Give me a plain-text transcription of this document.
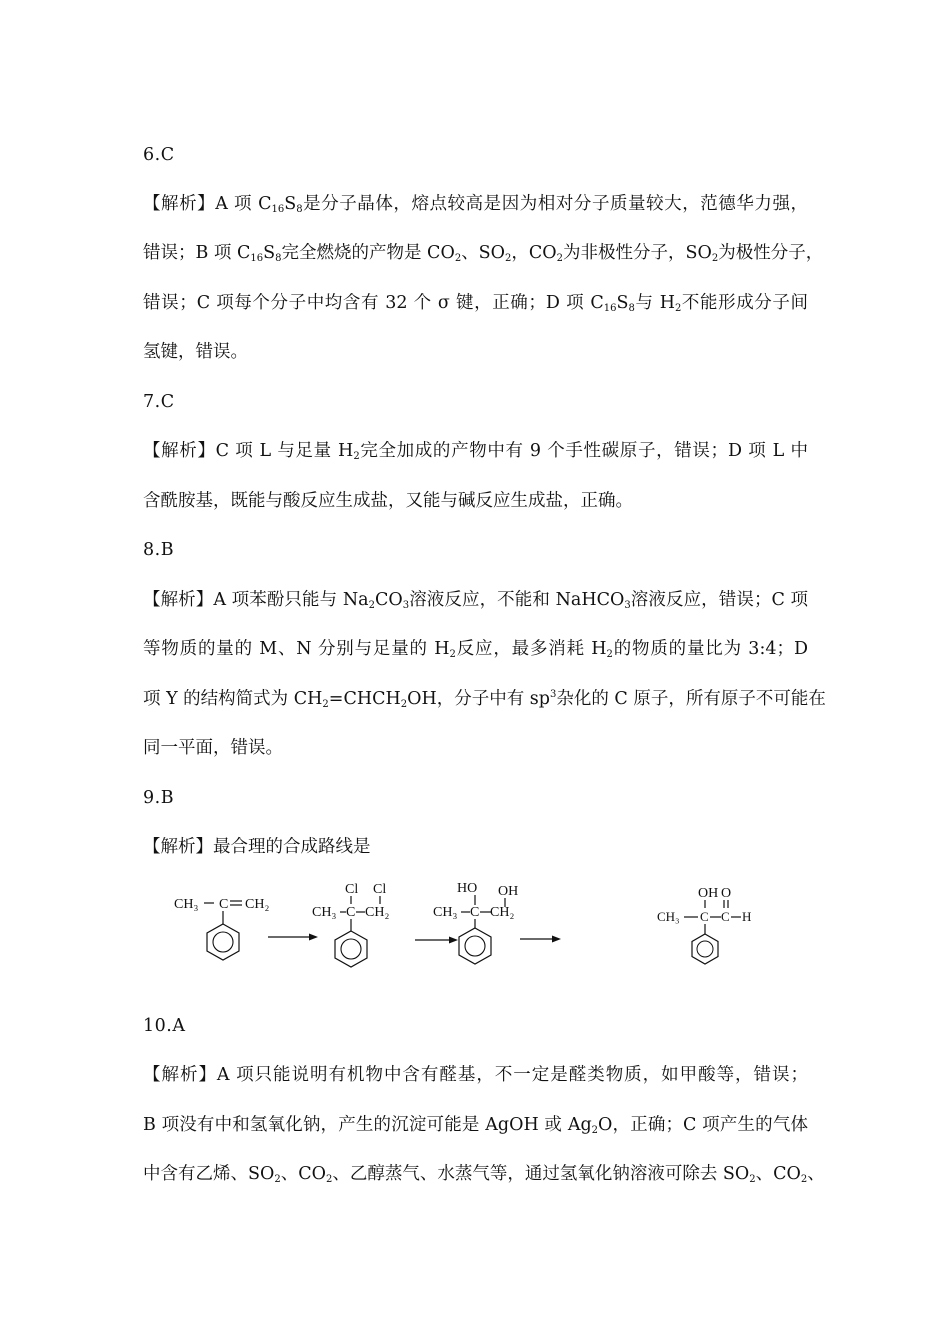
6.C
【解析】A 项 $C_{16}S_8$是分子晶体，熔点较高是因为相对分子质量较大，范德华力强，
错误；B 项 $C_{16}S_8$完全燃烧的产物是 $CO_2$、$SO_2$，$CO_2$为非极性分子，$SO_2$为极性分子，
错误；C 项每个分子中均含有 32 个 σ 键，正确；D 项 $C_{16}S_8$与 $H_2$不能形成分子间
氢键，错误。
7.C
【解析】C 项 L 与足量 $H_2$完全加成的产物中有 9 个手性碳原子，错误；D 项 L 中
含酰胺基，既能与酸反应生成盐，又能与碱反应生成盐，正确。
8.B
【解析】A 项苯酚只能与 $Na_2CO_3$溶液反应，不能和 NaHCO$_3$溶液反应，错误；C 项
等物质的量的 M、N 分别与足量的 $H_2$反应，最多消耗 $H_2$的物质的量比为 3:4；D
项 Y 的结构简式为 $CH_2=CHCH_2OH$，分子中有 $sp^3$杂化的 C 原子，所有原子不可能在
同一平面，错误。
9.B
【解析】最合理的合成路线是
CH₃ C CH₂
Cl Cl
CH₃ C CH₂
HO OH
CH₃ C CH₂
OH O
CH₃ C C H
10.A
【解析】A 项只能说明有机物中含有醛基，不一定是醛类物质，如甲酸等，错误；
B 项没有中和氢氧化钠，产生的沉淀可能是 AgOH 或 $Ag_2O$，正确；C 项产生的气体
中含有乙烯、$SO_2$、$CO_2$、乙醇蒸气、水蒸气等，通过氢氧化钠溶液可除去 $SO_2$、$CO_2$、
